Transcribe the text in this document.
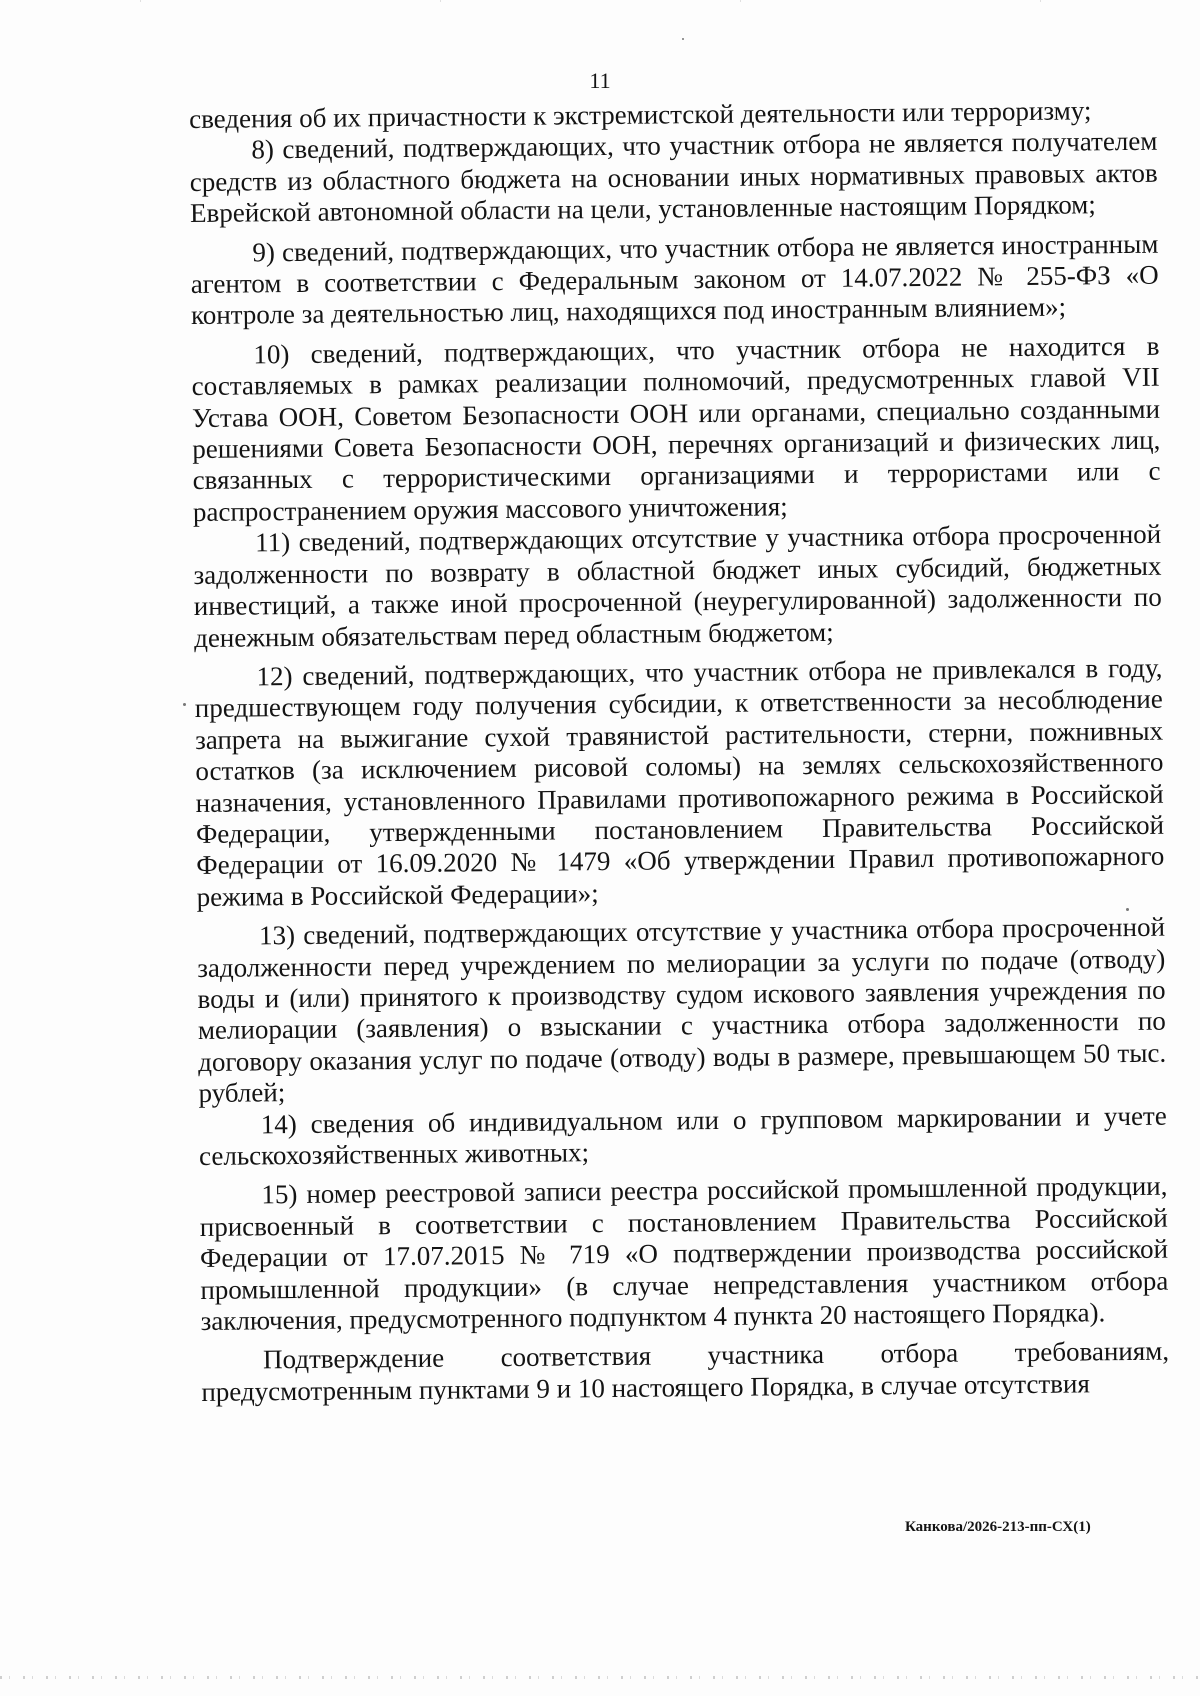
11

сведения об их причастности к экстремистской деятельности или терроризму;

8) сведений, подтверждающих, что участник отбора не является получателем средств из областного бюджета на основании иных нормативных правовых актов Еврейской автономной области на цели, установленные настоящим Порядком;

9) сведений, подтверждающих, что участник отбора не является иностранным агентом в соответствии с Федеральным законом от 14.07.2022 № 255-ФЗ «О контроле за деятельностью лиц, находящихся под иностранным влиянием»;

10) сведений, подтверждающих, что участник отбора не находится в составляемых в рамках реализации полномочий, предусмотренных главой VII Устава ООН, Советом Безопасности ООН или органами, специально созданными решениями Совета Безопасности ООН, перечнях организаций и физических лиц, связанных с террористическими организациями и террористами или с распространением оружия массового уничтожения;

11) сведений, подтверждающих отсутствие у участника отбора просроченной задолженности по возврату в областной бюджет иных субсидий, бюджетных инвестиций, а также иной просроченной (неурегулированной) задолженности по денежным обязательствам перед областным бюджетом;

12) сведений, подтверждающих, что участник отбора не привлекался в году, предшествующем году получения субсидии, к ответственности за несоблюдение запрета на выжигание сухой травянистой растительности, стерни, пожнивных остатков (за исключением рисовой соломы) на землях сельскохозяйственного назначения, установленного Правилами противопожарного режима в Российской Федерации, утвержденными постановлением Правительства Российской Федерации от 16.09.2020 № 1479 «Об утверждении Правил противопожарного режима в Российской Федерации»;

13) сведений, подтверждающих отсутствие у участника отбора просроченной задолженности перед учреждением по мелиорации за услуги по подаче (отводу) воды и (или) принятого к производству судом искового заявления учреждения по мелиорации (заявления) о взыскании с участника отбора задолженности по договору оказания услуг по подаче (отводу) воды в размере, превышающем 50 тыс. рублей;

14) сведения об индивидуальном или о групповом маркировании и учете сельскохозяйственных животных;

15) номер реестровой записи реестра российской промышленной продукции, присвоенный в соответствии с постановлением Правительства Российской Федерации от 17.07.2015 № 719 «О подтверждении производства российской промышленной продукции» (в случае непредставления участником отбора заключения, предусмотренного подпунктом 4 пункта 20 настоящего Порядка).

Подтверждение соответствия участника отбора требованиям, предусмотренным пунктами 9 и 10 настоящего Порядка, в случае отсутствия

Канкова/2026-213-пп-СХ(1)
